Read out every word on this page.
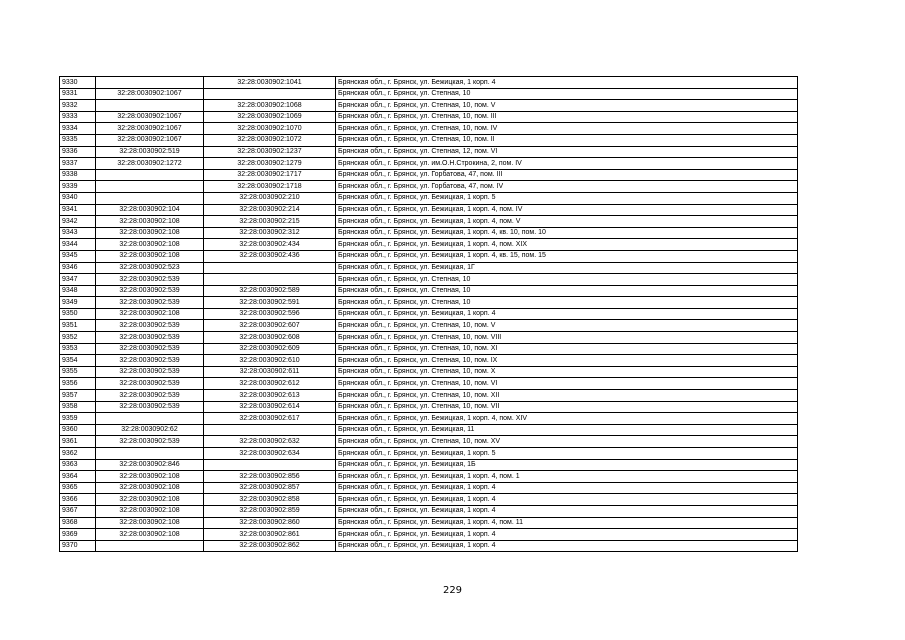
9330		32:28:0030902:1041	Брянская обл., г. Брянск, ул. Бежицкая, 1 корп. 4
9331	32:28:0030902:1067		Брянская обл., г. Брянск, ул. Степная, 10
9332		32:28:0030902:1068	Брянская обл., г. Брянск, ул. Степная, 10, пом. V
9333	32:28:0030902:1067	32:28:0030902:1069	Брянская обл., г. Брянск, ул. Степная, 10, пом. III
9334	32:28:0030902:1067	32:28:0030902:1070	Брянская обл., г. Брянск, ул. Степная, 10, пом. IV
9335	32:28:0030902:1067	32:28:0030902:1072	Брянская обл., г. Брянск, ул. Степная, 10, пом. II
9336	32:28:0030902:519	32:28:0030902:1237	Брянская обл., г. Брянск, ул. Степная, 12, пом. VI
9337	32:28:0030902:1272	32:28:0030902:1279	Брянская обл., г. Брянск, ул. им.О.Н.Строкина, 2, пом. IV
9338		32:28:0030902:1717	Брянская обл., г. Брянск, ул. Горбатова, 47, пом. III
9339		32:28:0030902:1718	Брянская обл., г. Брянск, ул. Горбатова, 47, пом. IV
9340		32:28:0030902:210	Брянская обл., г. Брянск, ул. Бежицкая, 1 корп. 5
9341	32:28:0030902:104	32:28:0030902:214	Брянская обл., г. Брянск, ул. Бежицкая, 1 корп. 4, пом. IV
9342	32:28:0030902:108	32:28:0030902:215	Брянская обл., г. Брянск, ул. Бежицкая, 1 корп. 4, пом. V
9343	32:28:0030902:108	32:28:0030902:312	Брянская обл., г. Брянск, ул. Бежицкая, 1 корп. 4, кв. 10, пом. 10
9344	32:28:0030902:108	32:28:0030902:434	Брянская обл., г. Брянск, ул. Бежицкая, 1 корп. 4, пом. XIX
9345	32:28:0030902:108	32:28:0030902:436	Брянская обл., г. Брянск, ул. Бежицкая, 1 корп. 4, кв. 15, пом. 15
9346	32:28:0030902:523		Брянская обл., г. Брянск, ул. Бежицкая, 1Г
9347	32:28:0030902:539		Брянская обл., г. Брянск, ул. Степная, 10
9348	32:28:0030902:539	32:28:0030902:589	Брянская обл., г. Брянск, ул. Степная, 10
9349	32:28:0030902:539	32:28:0030902:591	Брянская обл., г. Брянск, ул. Степная, 10
9350	32:28:0030902:108	32:28:0030902:596	Брянская обл., г. Брянск, ул. Бежицкая, 1 корп. 4
9351	32:28:0030902:539	32:28:0030902:607	Брянская обл., г. Брянск, ул. Степная, 10, пом. V
9352	32:28:0030902:539	32:28:0030902:608	Брянская обл., г. Брянск, ул. Степная, 10, пом. VIII
9353	32:28:0030902:539	32:28:0030902:609	Брянская обл., г. Брянск, ул. Степная, 10, пом. XI
9354	32:28:0030902:539	32:28:0030902:610	Брянская обл., г. Брянск, ул. Степная, 10, пом. IX
9355	32:28:0030902:539	32:28:0030902:611	Брянская обл., г. Брянск, ул. Степная, 10, пом. X
9356	32:28:0030902:539	32:28:0030902:612	Брянская обл., г. Брянск, ул. Степная, 10, пом. VI
9357	32:28:0030902:539	32:28:0030902:613	Брянская обл., г. Брянск, ул. Степная, 10, пом. XII
9358	32:28:0030902:539	32:28:0030902:614	Брянская обл., г. Брянск, ул. Степная, 10, пом. VII
9359		32:28:0030902:617	Брянская обл., г. Брянск, ул. Бежицкая, 1 корп. 4, пом. XIV
9360	32:28:0030902:62		Брянская обл., г. Брянск, ул. Бежицкая, 11
9361	32:28:0030902:539	32:28:0030902:632	Брянская обл., г. Брянск, ул. Степная, 10, пом. XV
9362		32:28:0030902:634	Брянская обл., г. Брянск, ул. Бежицкая, 1 корп. 5
9363	32:28:0030902:846		Брянская обл., г. Брянск, ул. Бежицкая, 1Б
9364	32:28:0030902:108	32:28:0030902:856	Брянская обл., г. Брянск, ул. Бежицкая, 1 корп. 4, пом. 1
9365	32:28:0030902:108	32:28:0030902:857	Брянская обл., г. Брянск, ул. Бежицкая, 1 корп. 4
9366	32:28:0030902:108	32:28:0030902:858	Брянская обл., г. Брянск, ул. Бежицкая, 1 корп. 4
9367	32:28:0030902:108	32:28:0030902:859	Брянская обл., г. Брянск, ул. Бежицкая, 1 корп. 4
9368	32:28:0030902:108	32:28:0030902:860	Брянская обл., г. Брянск, ул. Бежицкая, 1 корп. 4, пом. 11
9369	32:28:0030902:108	32:28:0030902:861	Брянская обл., г. Брянск, ул. Бежицкая, 1 корп. 4
9370		32:28:0030902:862	Брянская обл., г. Брянск, ул. Бежицкая, 1 корп. 4
229
